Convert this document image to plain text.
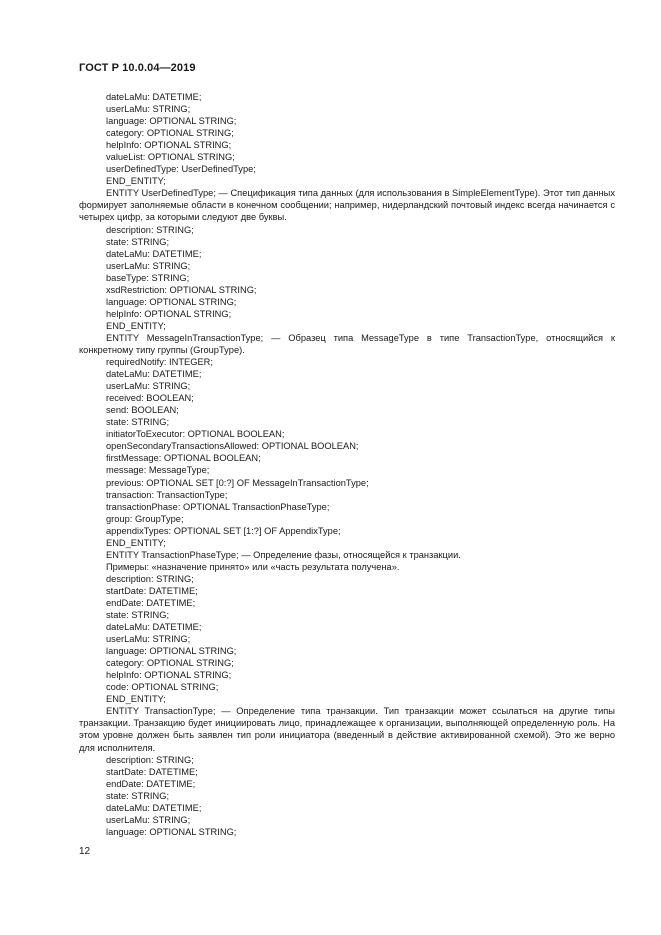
ГОСТ Р 10.0.04—2019
dateLaMu: DATETIME;
userLaMu: STRING;
language: OPTIONAL STRING;
category: OPTIONAL STRING;
helpInfo: OPTIONAL STRING;
valueList: OPTIONAL STRING;
userDefinedType: UserDefinedType;
END_ENTITY;
ENTITY UserDefinedType; — Спецификация типа данных (для использования в SimpleElementType). Этот тип данных формирует заполняемые области в конечном сообщении; например, нидерландский почтовый индекс всегда начинается с четырех цифр, за которыми следуют две буквы.
description: STRING;
state: STRING;
dateLaMu: DATETIME;
userLaMu: STRING;
baseType: STRING;
xsdRestriction: OPTIONAL STRING;
language: OPTIONAL STRING;
helpInfo: OPTIONAL STRING;
END_ENTITY;
ENTITY MessageInTransactionType; — Образец типа MessageType в типе TransactionType, относящийся к конкретному типу группы (GroupType).
requiredNotify: INTEGER;
dateLaMu: DATETIME;
userLaMu: STRING;
received: BOOLEAN;
send: BOOLEAN;
state: STRING;
initiatorToExecutor: OPTIONAL BOOLEAN;
openSecondaryTransactionsAllowed: OPTIONAL BOOLEAN;
firstMessage: OPTIONAL BOOLEAN;
message: MessageType;
previous: OPTIONAL SET [0:?] OF MessageInTransactionType;
transaction: TransactionType;
transactionPhase: OPTIONAL TransactionPhaseType;
group: GroupType;
appendixTypes: OPTIONAL SET [1:?] OF AppendixType;
END_ENTITY;
ENTITY TransactionPhaseType; — Определение фазы, относящейся к транзакции.
Примеры: «назначение принято» или «часть результата получена».
description: STRING;
startDate: DATETIME;
endDate: DATETIME;
state: STRING;
dateLaMu: DATETIME;
userLaMu: STRING;
language: OPTIONAL STRING;
category: OPTIONAL STRING;
helpInfo: OPTIONAL STRING;
code: OPTIONAL STRING;
END_ENTITY;
ENTITY TransactionType; — Определение типа транзакции. Тип транзакции может ссылаться на другие типы транзакции. Транзакцию будет инициировать лицо, принадлежащее к организации, выполняющей определенную роль. На этом уровне должен быть заявлен тип роли инициатора (введенный в действие активированной схемой). Это же верно для исполнителя.
description: STRING;
startDate: DATETIME;
endDate: DATETIME;
state: STRING;
dateLaMu: DATETIME;
userLaMu: STRING;
language: OPTIONAL STRING;
12
